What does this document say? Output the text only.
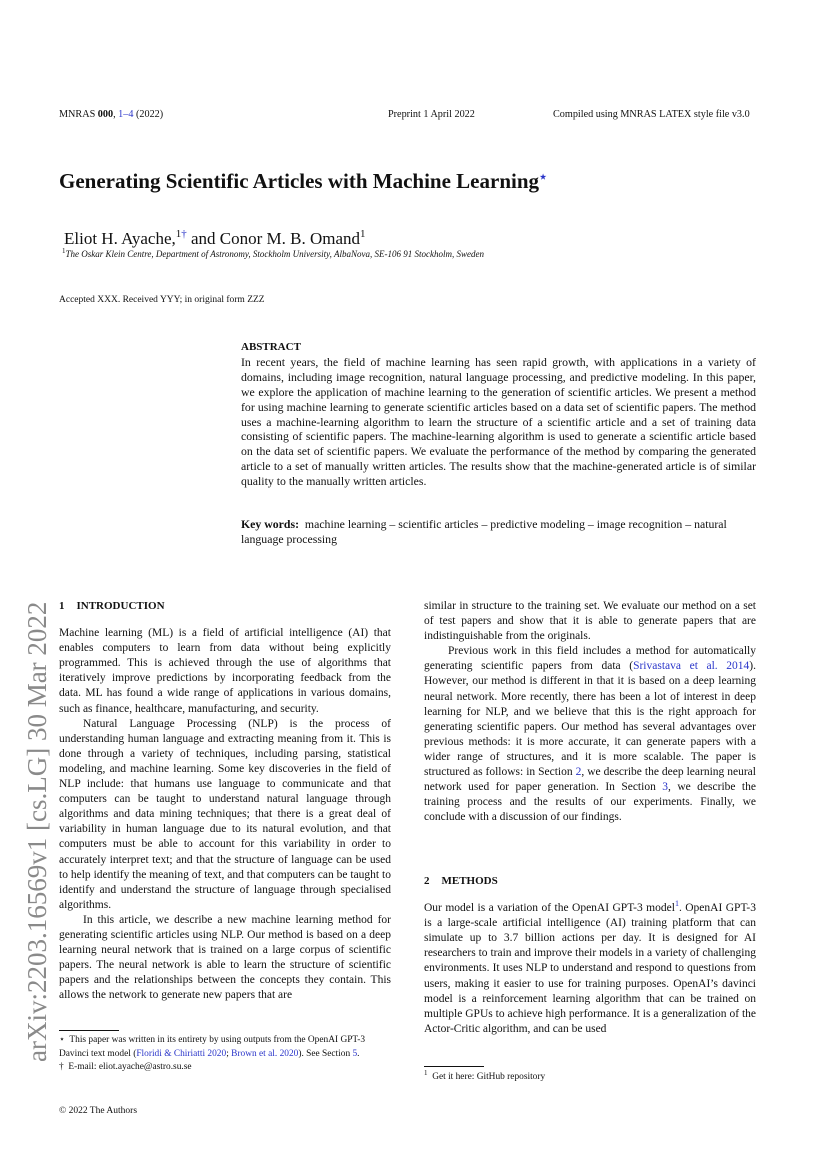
MNRAS 000, 1–4 (2022)	Preprint 1 April 2022	Compiled using MNRAS LATEX style file v3.0
Generating Scientific Articles with Machine Learning⋆
Eliot H. Ayache,$^{1\dagger}$ and Conor M. B. Omand$^1$
$^1$The Oskar Klein Centre, Department of Astronomy, Stockholm University, AlbaNova, SE-106 91 Stockholm, Sweden
Accepted XXX. Received YYY; in original form ZZZ
ABSTRACT
In recent years, the field of machine learning has seen rapid growth, with applications in a variety of domains, including image recognition, natural language processing, and predictive modeling. In this paper, we explore the application of machine learning to the generation of scientific articles. We present a method for using machine learning to generate scientific articles based on a data set of scientific papers. The method uses a machine-learning algorithm to learn the structure of a scientific article and a set of training data consisting of scientific papers. The machine-learning algorithm is used to generate a scientific article based on the data set of scientific papers. We evaluate the performance of the method by comparing the generated article to a set of manually written articles. The results show that the machine-generated article is of similar quality to the manually written articles.
Key words: machine learning – scientific articles – predictive modeling – image recognition – natural language processing
arXiv:2203.16569v1 [cs.LG] 30 Mar 2022 1 INTRODUCTION

Machine learning (ML) is a field of artificial intelligence (AI) that enables computers to learn from data without being explicitly programmed. This is achieved through the use of algorithms that iteratively improve predictions by incorporating feedback from the data. ML has found a wide range of applications in various domains, such as finance, healthcare, manufacturing, and security.

Natural Language Processing (NLP) is the process of understanding human language and extracting meaning from it. This is done through a variety of techniques, including parsing, statistical modeling, and machine learning. Some key discoveries in the field of NLP include: that humans use language to communicate and that computers can be taught to understand natural language through algorithms and data mining techniques; that there is a great deal of variability in human language due to its natural evolution, and that computers must be able to account for this variability in order to accurately interpret text; and that the structure of language can be used to help identify the meaning of text, and that computers can be taught to identify and understand the structure of language through specialised algorithms.

In this article, we describe a new machine learning method for generating scientific articles using NLP. Our method is based on a deep learning neural network that is trained on a large corpus of scientific papers. The neural network is able to learn the structure of scientific papers and the relationships between the concepts they contain. This allows the network to generate new papers that are

⋆ This paper was written in its entirety by using outputs from the OpenAI GPT-3 Davinci text model (Floridi & Chiriatti 2020; Brown et al. 2020). See Section 5.
† E-mail: eliot.ayache@astro.su.se
© 2022 The Authors

similar in structure to the training set. We evaluate our method on a set of test papers and show that it is able to generate papers that are indistinguishable from the originals.

Previous work in this field includes a method for automatically generating scientific papers from data (Srivastava et al. 2014). However, our method is different in that it is based on a deep learning neural network. More recently, there has been a lot of interest in deep learning for NLP, and we believe that this is the right approach for generating scientific papers. Our method has several advantages over previous methods: it is more accurate, it can generate papers with a wider range of structures, and it is more scalable. The paper is structured as follows: in Section 2, we describe the deep learning neural network used for paper generation. In Section 3, we describe the training process and the results of our experiments. Finally, we conclude with a discussion of our findings.

2 METHODS

Our model is a variation of the OpenAI GPT-3 model$^1$. OpenAI GPT-3 is a large-scale artificial intelligence (AI) training platform that can simulate up to 3.7 billion actions per day. It is designed for AI researchers to train and improve their models in a variety of challenging environments. It uses NLP to understand and respond to questions from users, making it easier to use for training purposes. OpenAI’s davinci model is a reinforcement learning algorithm that can be trained on multiple GPUs to achieve high performance. It is a generalization of the Actor-Critic algorithm, and can be used

$^1$ Get it here: GitHub repository
